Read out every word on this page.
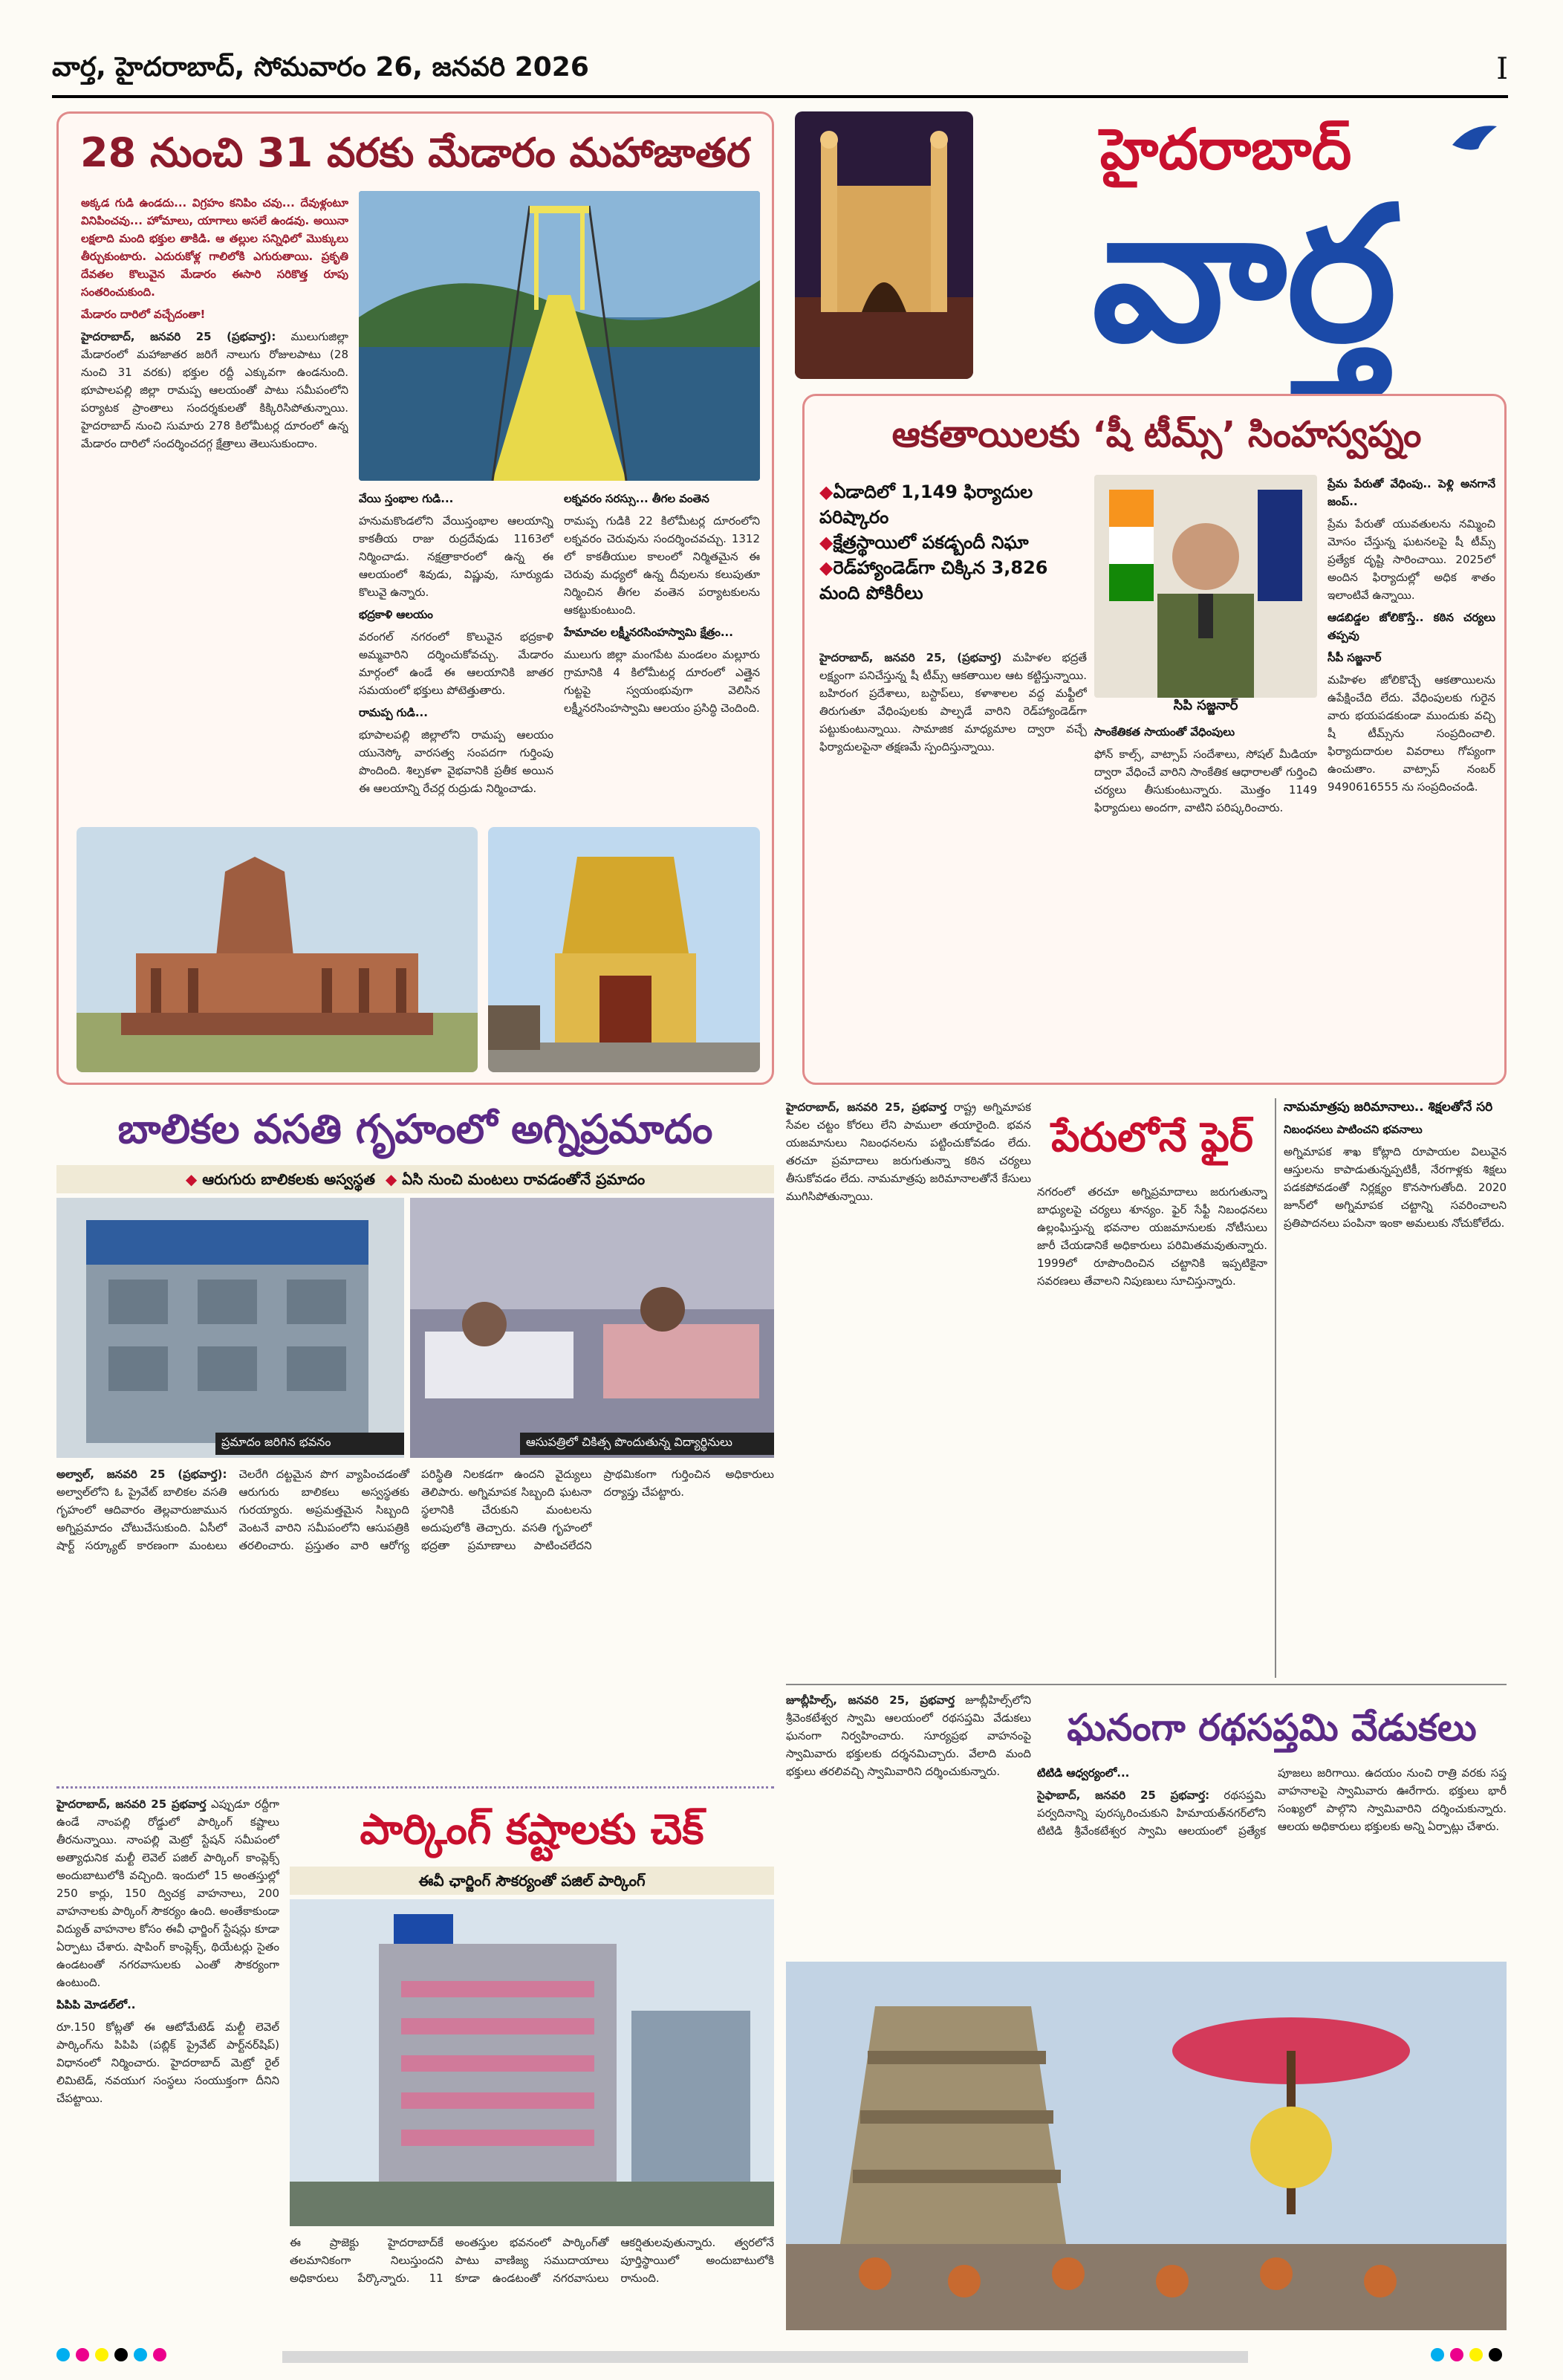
వార్త, హైదరాబాద్, సోమవారం 26, జనవరి 2026	I
28 నుంచి 31 వరకు మేడారం మహాజాతర

అక్కడ గుడి ఉండదు... విగ్రహం కనిపిం చవు... దేవుళ్లంటూ వినిపించవు... హోమాలు, యాగాలు అసలే ఉండవు. అయినా లక్షలాది మంది భక్తుల తాకిడి. ఆ తల్లుల సన్నిధిలో మొక్కులు తీర్చుకుంటారు. ఎదురుకోళ్ల గాలిలోకి ఎగురుతాయి. ప్రకృతి దేవతల కొలువైన మేడారం ఈసారి సరికొత్త రూపు సంతరించుకుంది.

మేడారం దారిలో వచ్చేదంతా!

హైదరాబాద్, జనవరి 25 (ప్రభవార్త): ములుగుజిల్లా మేడారంలో మహాజాతర జరిగే నాలుగు రోజులపాటు (28 నుంచి 31 వరకు) భక్తుల రద్దీ ఎక్కువగా ఉండనుంది. భూపాలపల్లి జిల్లా రామప్ప ఆలయంతో పాటు సమీపంలోని పర్యాటక ప్రాంతాలు సందర్శకులతో కిక్కిరిసిపోతున్నాయి. హైదరాబాద్ నుంచి సుమారు 278 కిలోమీటర్ల దూరంలో ఉన్న మేడారం దారిలో సందర్శించదగ్గ క్షేత్రాలు తెలుసుకుందాం.

వేయి స్తంభాల గుడి...

హనుమకొండలోని వేయిస్తంభాల ఆలయాన్ని కాకతీయ రాజు రుద్రదేవుడు 1163లో నిర్మించాడు. నక్షత్రాకారంలో ఉన్న ఈ ఆలయంలో శివుడు, విష్ణువు, సూర్యుడు కొలువై ఉన్నారు.

భద్రకాళి ఆలయం

వరంగల్ నగరంలో కొలువైన భద్రకాళి అమ్మవారిని దర్శించుకోవచ్చు. మేడారం మార్గంలో ఉండే ఈ ఆలయానికి జాతర సమయంలో భక్తులు పోటెత్తుతారు.

రామప్ప గుడి...

భూపాలపల్లి జిల్లాలోని రామప్ప ఆలయం యునెస్కో వారసత్వ సంపదగా గుర్తింపు పొందింది. శిల్పకళా వైభవానికి ప్రతీక అయిన ఈ ఆలయాన్ని రేచర్ల రుద్రుడు నిర్మించాడు.

లక్నవరం సరస్సు... తీగల వంతెన

రామప్ప గుడికి 22 కిలోమీటర్ల దూరంలోని లక్నవరం చెరువును సందర్శించవచ్చు. 1312 లో కాకతీయుల కాలంలో నిర్మితమైన ఈ చెరువు మధ్యలో ఉన్న దీవులను కలుపుతూ నిర్మించిన తీగల వంతెన పర్యాటకులను ఆకట్టుకుంటుంది.

హేమాచల లక్ష్మీనరసింహస్వామి క్షేత్రం...

ములుగు జిల్లా మంగపేట మండలం మల్లూరు గ్రామానికి 4 కిలోమీటర్ల దూరంలో ఎత్తైన గుట్టపై స్వయంభువుగా వెలిసిన లక్ష్మీనరసింహస్వామి ఆలయం ప్రసిద్ధి చెందింది.

హైదరాబాద్
వార్త
ఆకతాయిలకు ‘షీ టీమ్స్’ సింహస్వప్నం
◆ ఏడాదిలో 1,149 ఫిర్యాదుల పరిష్కారం
◆ క్షేత్రస్థాయిలో పకడ్బందీ నిఘా
◆ రెడ్‌హ్యాండెడ్‌గా చిక్కిన 3,826 మంది పోకిరీలు
సిపి సజ్జనార్

హైదరాబాద్, జనవరి 25, (ప్రభవార్త) మహిళల భద్రతే లక్ష్యంగా పనిచేస్తున్న షీ టీమ్స్ ఆకతాయిల ఆట కట్టిస్తున్నాయి. బహిరంగ ప్రదేశాలు, బస్టాప్‌లు, కళాశాలల వద్ద మఫ్టీలో తిరుగుతూ వేధింపులకు పాల్పడే వారిని రెడ్‌హ్యాండెడ్‌గా పట్టుకుంటున్నాయి. సామాజిక మాధ్యమాల ద్వారా వచ్చే ఫిర్యాదులపైనా తక్షణమే స్పందిస్తున్నాయి.

సాంకేతికత సాయంతో వేధింపులు

ఫోన్ కాల్స్, వాట్సాప్ సందేశాలు, సోషల్ మీడియా ద్వారా వేధించే వారిని సాంకేతిక ఆధారాలతో గుర్తించి చర్యలు తీసుకుంటున్నారు. మొత్తం 1149 ఫిర్యాదులు అందగా, వాటిని పరిష్కరించారు.

ప్రేమ పేరుతో వేధింపు.. పెళ్లి అనగానే జంప్..

ప్రేమ పేరుతో యువతులను నమ్మించి మోసం చేస్తున్న ఘటనలపై షీ టీమ్స్ ప్రత్యేక దృష్టి సారించాయి. 2025లో అందిన ఫిర్యాదుల్లో అధిక శాతం ఇలాంటివే ఉన్నాయి.

ఆడబిడ్డల జోలికొస్తే.. కఠిన చర్యలు తప్పవు

సీపీ సజ్జనార్

మహిళల జోలికొచ్చే ఆకతాయిలను ఉపేక్షించేది లేదు. వేధింపులకు గురైన వారు భయపడకుండా ముందుకు వచ్చి షీ టీమ్స్‌ను సంప్రదించాలి. ఫిర్యాదుదారుల వివరాలు గోప్యంగా ఉంచుతాం. వాట్సాప్ నంబర్ 9490616555 ను సంప్రదించండి.

బాలికల వసతి గృహంలో అగ్నిప్రమాదం
◆ ఆరుగురు బాలికలకు అస్వస్థత ◆ ఏసి నుంచి మంటలు రావడంతోనే ప్రమాదం
ప్రమాదం జరిగిన భవనం	ఆసుపత్రిలో చికిత్స పొందుతున్న విద్యార్థినులు

అల్వాల్, జనవరి 25 (ప్రభవార్త): అల్వాల్‌లోని ఓ ప్రైవేట్ బాలికల వసతి గృహంలో ఆదివారం తెల్లవారుజామున అగ్నిప్రమాదం చోటుచేసుకుంది. ఏసీలో షార్ట్ సర్క్యూట్ కారణంగా మంటలు చెలరేగి దట్టమైన పొగ వ్యాపించడంతో ఆరుగురు బాలికలు అస్వస్థతకు గురయ్యారు. అప్రమత్తమైన సిబ్బంది వెంటనే వారిని సమీపంలోని ఆసుపత్రికి తరలించారు. ప్రస్తుతం వారి ఆరోగ్య పరిస్థితి నిలకడగా ఉందని వైద్యులు తెలిపారు. అగ్నిమాపక సిబ్బంది ఘటనా స్థలానికి చేరుకుని మంటలను అదుపులోకి తెచ్చారు. వసతి గృహంలో భద్రతా ప్రమాణాలు పాటించలేదని ప్రాథమికంగా గుర్తించిన అధికారులు దర్యాప్తు చేపట్టారు.

హైదరాబాద్, జనవరి 25 ప్రభవార్త ఎప్పుడూ రద్దీగా ఉండే నాంపల్లి రోడ్డులో పార్కింగ్ కష్టాలు తీరనున్నాయి. నాంపల్లి మెట్రో స్టేషన్ సమీపంలో అత్యాధునిక మల్టీ లెవెల్ పజిల్ పార్కింగ్ కాంప్లెక్స్ అందుబాటులోకి వచ్చింది. ఇందులో 15 అంతస్తుల్లో 250 కార్లు, 150 ద్విచక్ర వాహనాలు, 200 వాహనాలకు పార్కింగ్ సౌకర్యం ఉంది. అంతేకాకుండా విద్యుత్ వాహనాల కోసం ఈవీ ఛార్జింగ్ స్టేషన్లు కూడా ఏర్పాటు చేశారు. షాపింగ్ కాంప్లెక్స్, థియేటర్లు సైతం ఉండటంతో నగరవాసులకు ఎంతో సౌకర్యంగా ఉంటుంది.

పిపిపి మోడల్‌లో..

రూ.150 కోట్లతో ఈ ఆటోమేటెడ్ మల్టీ లెవెల్ పార్కింగ్‌ను పిపిపి (పబ్లిక్ ప్రైవేట్ పార్ట్‌నర్‌షిప్) విధానంలో నిర్మించారు. హైదరాబాద్ మెట్రో రైల్ లిమిటెడ్, నవయుగ సంస్థలు సంయుక్తంగా దీనిని చేపట్టాయి.

పార్కింగ్ కష్టాలకు చెక్
ఈవీ ఛార్జింగ్ సౌకర్యంతో పజిల్ పార్కింగ్

ఈ ప్రాజెక్టు హైదరాబాద్‌కే తలమానికంగా నిలుస్తుందని అధికారులు పేర్కొన్నారు. 11 అంతస్తుల భవనంలో పార్కింగ్‌తో పాటు వాణిజ్య సముదాయాలు కూడా ఉండటంతో నగరవాసులు ఆకర్షితులవుతున్నారు. త్వరలోనే పూర్తిస్థాయిలో అందుబాటులోకి రానుంది.

హైదరాబాద్, జనవరి 25, ప్రభవార్త రాష్ట్ర అగ్నిమాపక సేవల చట్టం కోరలు లేని పాములా తయారైంది. భవన యజమానులు నిబంధనలను పట్టించుకోవడం లేదు. తరచూ ప్రమాదాలు జరుగుతున్నా కఠిన చర్యలు తీసుకోవడం లేదు. నామమాత్రపు జరిమానాలతోనే కేసులు ముగిసిపోతున్నాయి.

పేరులోనే ఫైర్

నగరంలో తరచూ అగ్నిప్రమాదాలు జరుగుతున్నా బాధ్యులపై చర్యలు శూన్యం. ఫైర్ సేఫ్టీ నిబంధనలు ఉల్లంఘిస్తున్న భవనాల యజమానులకు నోటీసులు జారీ చేయడానికే అధికారులు పరిమితమవుతున్నారు. 1999లో రూపొందించిన చట్టానికి ఇప్పటికైనా సవరణలు తేవాలని నిపుణులు సూచిస్తున్నారు.

నామమాత్రపు జరిమానాలు.. శిక్షలతోనే సరి

నిబంధనలు పాటించని భవనాలు

అగ్నిమాపక శాఖ కోట్లాది రూపాయల విలువైన ఆస్తులను కాపాడుతున్నప్పటికీ, నేరగాళ్లకు శిక్షలు పడకపోవడంతో నిర్లక్ష్యం కొనసాగుతోంది. 2020 జూన్‌లో అగ్నిమాపక చట్టాన్ని సవరించాలని ప్రతిపాదనలు పంపినా ఇంకా అమలుకు నోచుకోలేదు.

జూబ్లీహిల్స్, జనవరి 25, ప్రభవార్త జూబ్లీహిల్స్‌లోని శ్రీవెంకటేశ్వర స్వామి ఆలయంలో రథసప్తమి వేడుకలు ఘనంగా నిర్వహించారు. సూర్యప్రభ వాహనంపై స్వామివారు భక్తులకు దర్శనమిచ్చారు. వేలాది మంది భక్తులు తరలివచ్చి స్వామివారిని దర్శించుకున్నారు.

ఘనంగా రథసప్తమి వేడుకలు

టిటిడి ఆధ్వర్యంలో...

సైఫాబాద్, జనవరి 25 ప్రభవార్త: రథసప్తమి పర్వదినాన్ని పురస్కరించుకుని హిమాయత్‌నగర్‌లోని టిటిడి శ్రీవేంకటేశ్వర స్వామి ఆలయంలో ప్రత్యేక పూజలు జరిగాయి. ఉదయం నుంచి రాత్రి వరకు సప్త వాహనాలపై స్వామివారు ఊరేగారు. భక్తులు భారీ సంఖ్యలో పాల్గొని స్వామివారిని దర్శించుకున్నారు. ఆలయ అధికారులు భక్తులకు అన్ని ఏర్పాట్లు చేశారు.
